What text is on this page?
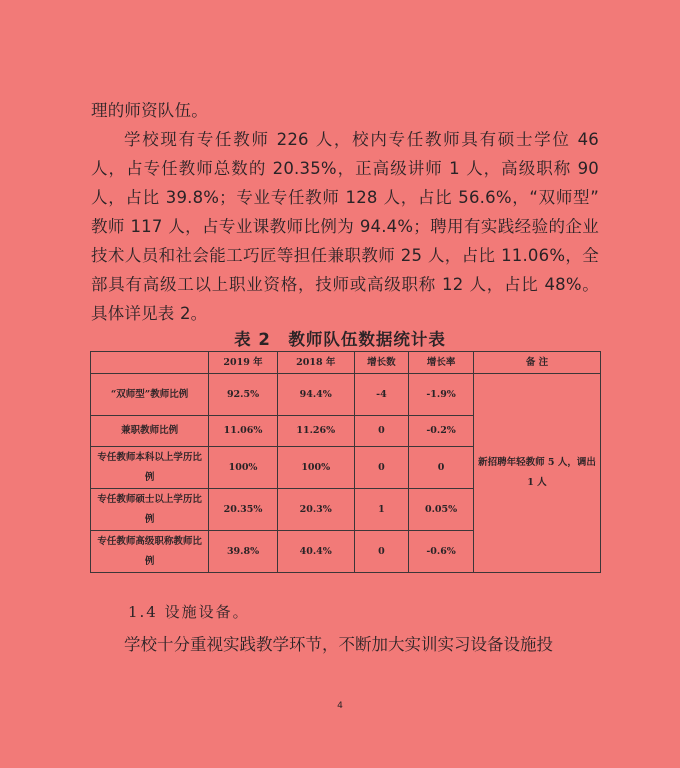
理的师资队伍。

学校现有专任教师 226 人，校内专任教师具有硕士学位 46 人，占专任教师总数的 20.35%，正高级讲师 1 人，高级职称 90 人，占比 39.8%；专业专任教师 128 人，占比 56.6%，“双师型” 教师 117 人，占专业课教师比例为 94.4%；聘用有实践经验的企业技术人员和社会能工巧匠等担任兼职教师 25 人，占比 11.06%，全部具有高级工以上职业资格，技师或高级职称 12 人，占比 48%。具体详见表 2。

表 2　教师队伍数据统计表
	2019 年	2018 年	增长数	增长率	备 注
“双师型”教师比例	92.5%	94.4%	-4	-1.9%	新招聘年轻教师 5 人，调出 1 人
兼职教师比例	11.06%	11.26%	0	-0.2%	
专任教师本科以上学历比例	100%	100%	0	0	
专任教师硕士以上学历比例	20.35%	20.3%	1	0.05%	
专任教师高级职称教师比例	39.8%	40.4%	0	-0.6%	
1.4 设施设备。

学校十分重视实践教学环节，不断加大实训实习设备设施投

4
